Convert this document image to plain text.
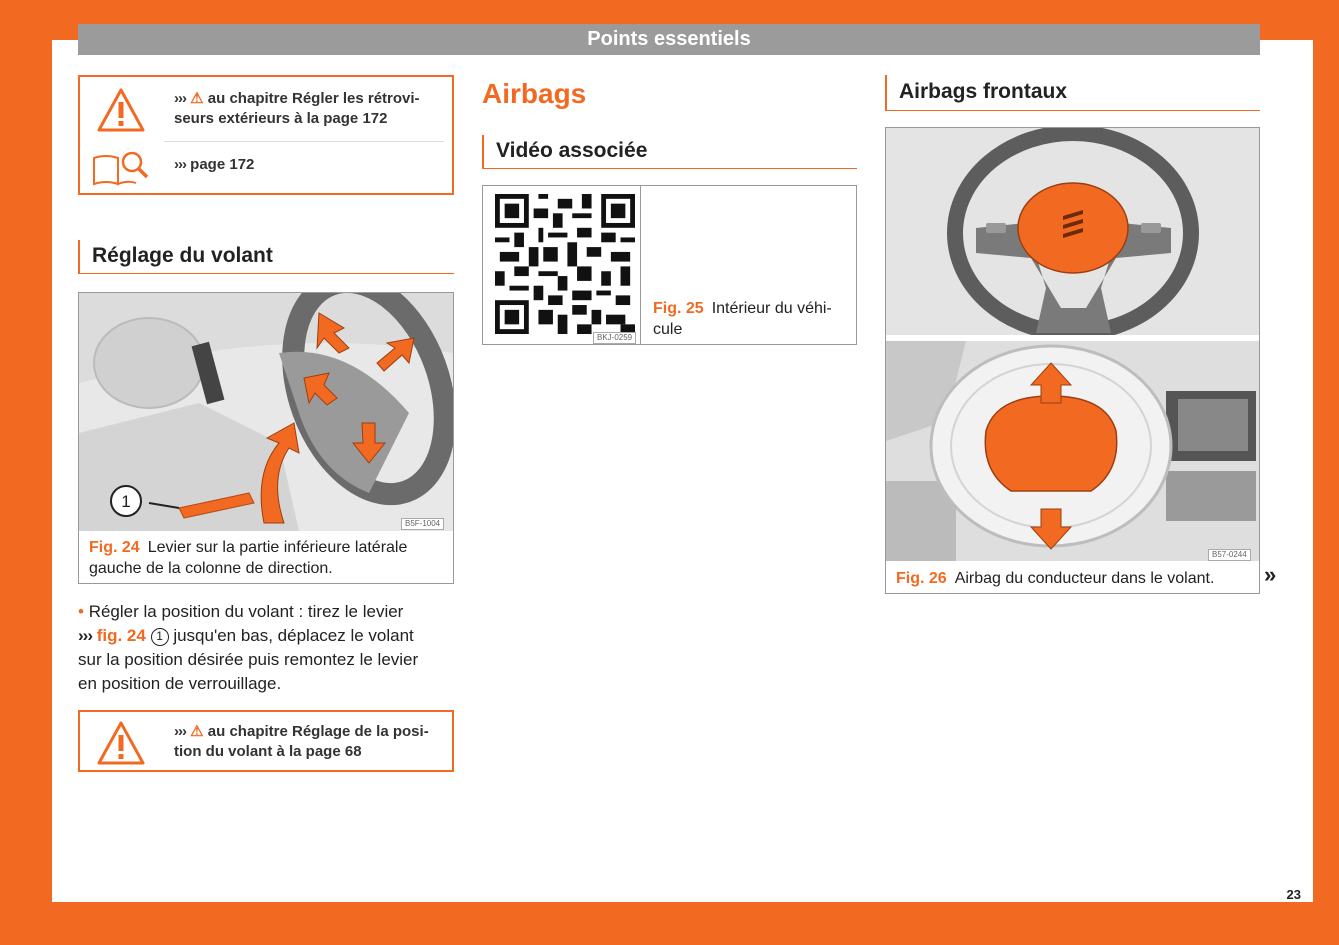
23
Points essentiels
››› ⚠ au chapitre Régler les rétrovi-
seurs extérieurs à la page 172
››› page 172
Réglage du volant
1
B5F-1004
Fig. 24 Levier sur la partie inférieure latérale
gauche de la colonne de direction.
• Régler la position du volant : tirez le levier
››› fig. 24 1 jusqu'en bas, déplacez le volant
sur la position désirée puis remontez le levier
en position de verrouillage.
››› ⚠ au chapitre Réglage de la posi-
tion du volant à la page 68
Airbags
Vidéo associée
BKJ-0259
Fig. 25 Intérieur du véhi-
cule
Airbags frontaux
B57-0244
Fig. 26 Airbag du conducteur dans le volant.	»
